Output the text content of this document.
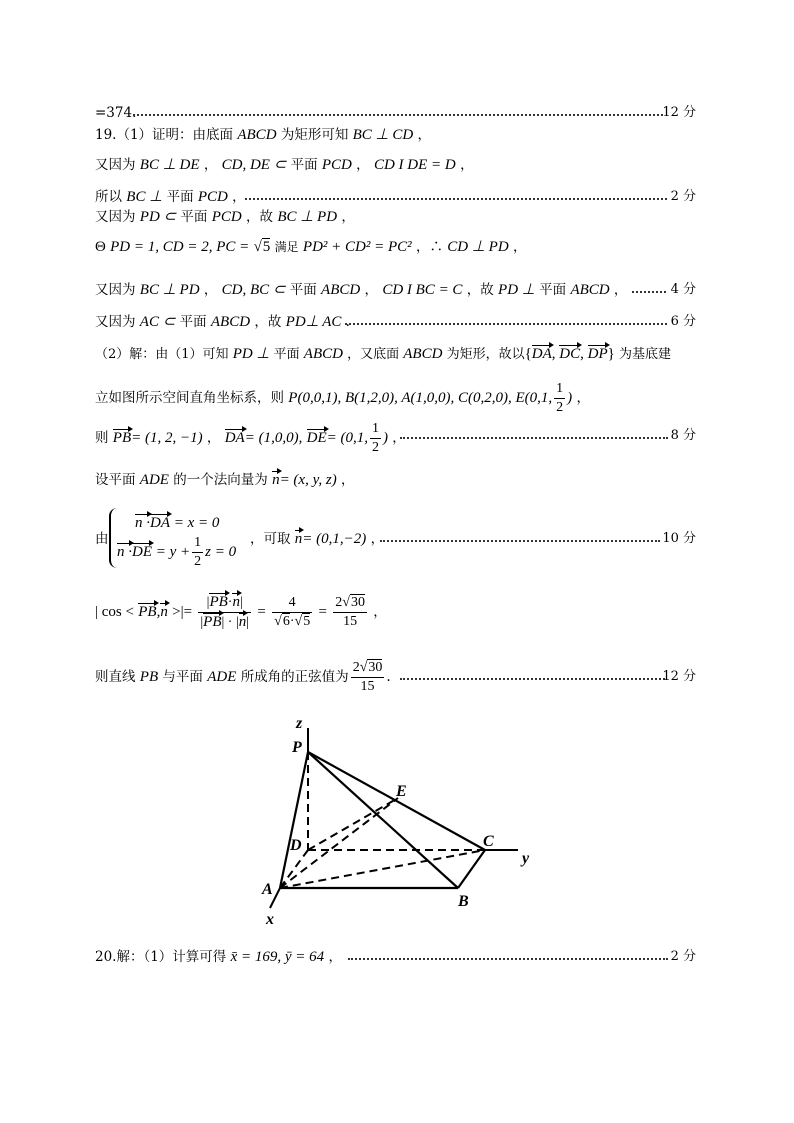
=374.	12 分
19.（1）证明：由底面 ABCD 为矩形可知 BC ⊥ CD ，
又因为 BC ⊥ DE ， CD, DE ⊂ 平面 PCD ， CD I DE = D ，
所以 BC ⊥ 平面 PCD ，	2 分
又因为 PD ⊂ 平面 PCD ，故 BC ⊥ PD ，
Θ PD = 1, CD = 2, PC = √5 满足 PD² + CD² = PC² ，∴ CD ⊥ PD ，
又因为 BC ⊥ PD ， CD, BC ⊂ 平面 ABCD ， CD I BC = C ，故 PD ⊥ 平面 ABCD ，	4 分
又因为 AC ⊂ 平面 ABCD ，故 PD⊥ AC .	6 分
（2）解：由（1）可知 PD ⊥ 平面 ABCD ，又底面 ABCD 为矩形，故以{DA, DC, DP} 为基底建
立如图所示空间直角坐标系，则 P(0,0,1), B(1,2,0), A(1,0,0), C(0,2,0), E(0,1, $\frac{1}{2}$ ) ，
则 PB= (1, 2, −1) ， DA= (1,0,0), DE= (0,1, $\frac{1}{2}$ ) ，	8 分
设平面 ADE 的一个法向量为 n= (x, y, z) ，
由
n ·DA = x = 0
$n \cdot DE = y + \frac{1}{2}$ z = 0
，可取 n= (0,1,−2) ，	10 分
| cos < PB,n >|= $\frac{|PB\cdot n|}{|PB| \cdot |n|} = \frac{4}{√6\cdot√5} = \frac{2√30}{15}$ ，
则直线 PB 与平面 ADE 所成角的正弦值为 $\frac{2√30}{15}$ .	12 分
z
y
x
P
E
D	C
A
B
20.解：（1）计算可得 x̄ = 169, ȳ = 64 ，	2 分
